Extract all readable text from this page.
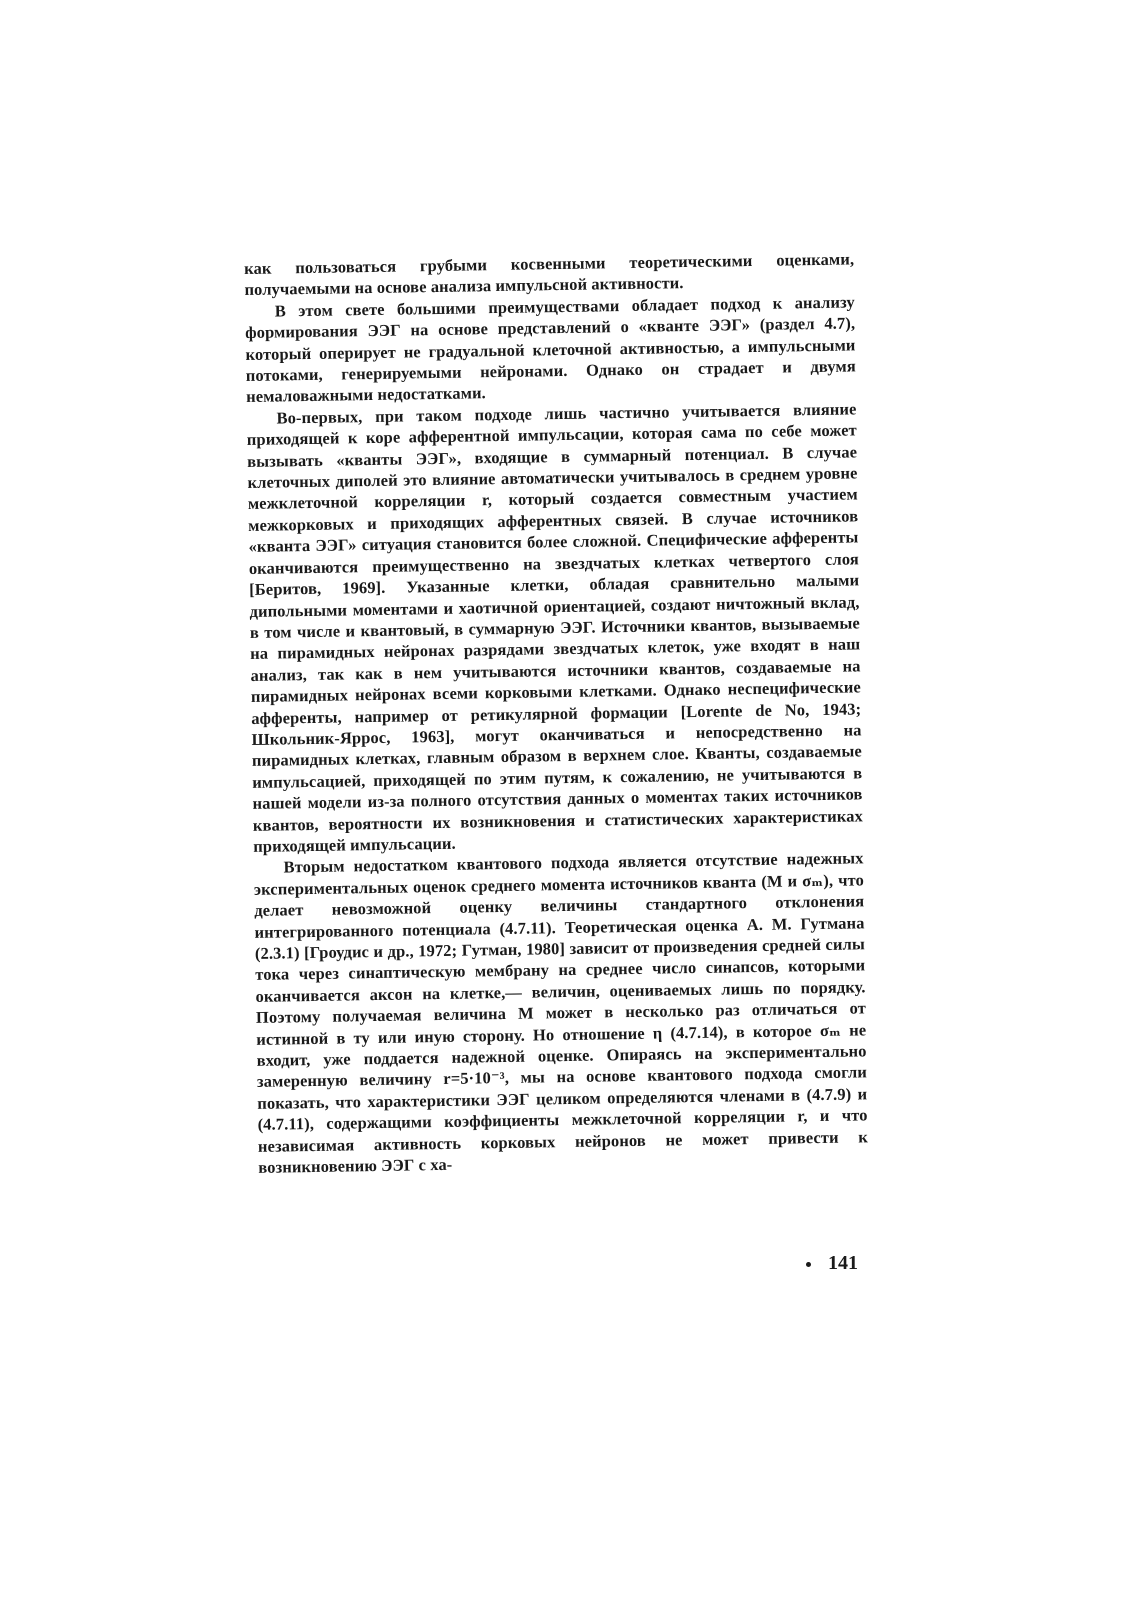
как пользоваться грубыми косвенными теоретическими оценками, получаемыми на основе анализа импульсной активности.

В этом свете большими преимуществами обладает подход к анализу формирования ЭЭГ на основе представлений о «кванте ЭЭГ» (раздел 4.7), который оперирует не градуальной клеточной активностью, а импульсными потоками, генерируемыми нейронами. Однако он страдает и двумя немаловажными недостатками.

Во-первых, при таком подходе лишь частично учитывается влияние приходящей к коре афферентной импульсации, которая сама по себе может вызывать «кванты ЭЭГ», входящие в суммарный потенциал. В случае клеточных диполей это влияние автоматически учитывалось в среднем уровне межклеточной корреляции r, который создается совместным участием межкорковых и приходящих афферентных связей. В случае источников «кванта ЭЭГ» ситуация становится более сложной. Специфические афференты оканчиваются преимущественно на звездчатых клетках четвертого слоя [Беритов, 1969]. Указанные клетки, обладая сравнительно малыми дипольными моментами и хаотичной ориентацией, создают ничтожный вклад, в том числе и квантовый, в суммарную ЭЭГ. Источники квантов, вызываемые на пирамидных нейронах разрядами звездчатых клеток, уже входят в наш анализ, так как в нем учитываются источники квантов, создаваемые на пирамидных нейронах всеми корковыми клетками. Однако неспецифические афференты, например от ретикулярной формации [Lorente de No, 1943; Школьник-Яррос, 1963], могут оканчиваться и непосредственно на пирамидных клетках, главным образом в верхнем слое. Кванты, создаваемые импульсацией, приходящей по этим путям, к сожалению, не учитываются в нашей модели из-за полного отсутствия данных о моментах таких источников квантов, вероятности их возникновения и статистических характеристиках приходящей импульсации.

Вторым недостатком квантового подхода является отсутствие надежных экспериментальных оценок среднего момента источников кванта (M и σₘ), что делает невозможной оценку величины стандартного отклонения интегрированного потенциала (4.7.11). Теоретическая оценка А. М. Гутмана (2.3.1) [Гроудис и др., 1972; Гутман, 1980] зависит от произведения средней силы тока через синаптическую мембрану на среднее число синапсов, которыми оканчивается аксон на клетке,— величин, оцениваемых лишь по порядку. Поэтому получаемая величина M может в несколько раз отличаться от истинной в ту или иную сторону. Но отношение η (4.7.14), в которое σₘ не входит, уже поддается надежной оценке. Опираясь на экспериментально замеренную величину r=5·10⁻³, мы на основе квантового подхода смогли показать, что характеристики ЭЭГ целиком определяются членами в (4.7.9) и (4.7.11), содержащими коэффициенты межклеточной корреляции r, и что независимая активность корковых нейронов не может привести к возникновению ЭЭГ с ха-

141
